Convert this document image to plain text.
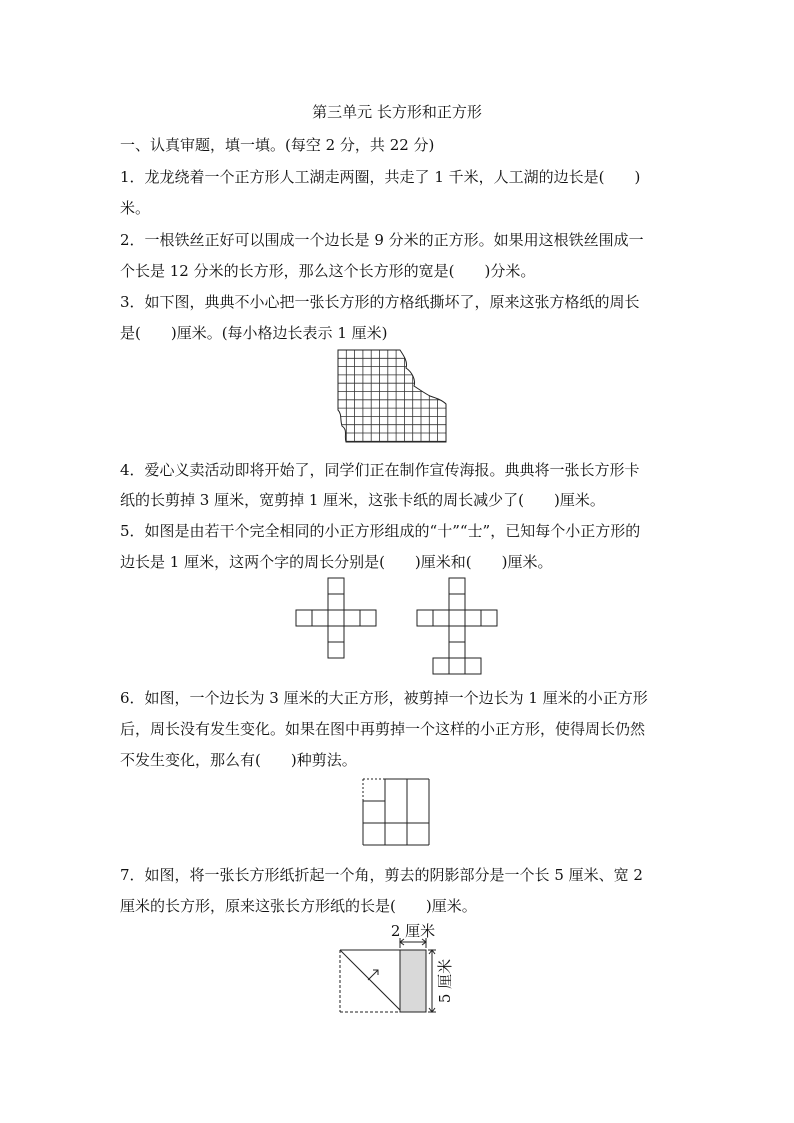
第三单元 长方形和正方形
一、认真审题，填一填。(每空 2 分，共 22 分)
1．龙龙绕着一个正方形人工湖走两圈，共走了 1 千米，人工湖的边长是(　　)
米。
2．一根铁丝正好可以围成一个边长是 9 分米的正方形。如果用这根铁丝围成一
个长是 12 分米的长方形，那么这个长方形的宽是(　　)分米。
3．如下图，典典不小心把一张长方形的方格纸撕坏了，原来这张方格纸的周长
是(　　)厘米。(每小格边长表示 1 厘米)
4．爱心义卖活动即将开始了，同学们正在制作宣传海报。典典将一张长方形卡
纸的长剪掉 3 厘米，宽剪掉 1 厘米，这张卡纸的周长减少了(　　)厘米。
5．如图是由若干个完全相同的小正方形组成的“十”“士”，已知每个小正方形的
边长是 1 厘米，这两个字的周长分别是(　　)厘米和(　　)厘米。
6．如图，一个边长为 3 厘米的大正方形，被剪掉一个边长为 1 厘米的小正方形
后，周长没有发生变化。如果在图中再剪掉一个这样的小正方形，使得周长仍然
不发生变化，那么有(　　)种剪法。
7．如图，将一张长方形纸折起一个角，剪去的阴影部分是一个长 5 厘米、宽 2
厘米的长方形，原来这张长方形纸的长是(　　)厘米。
2 厘米
5 厘米
